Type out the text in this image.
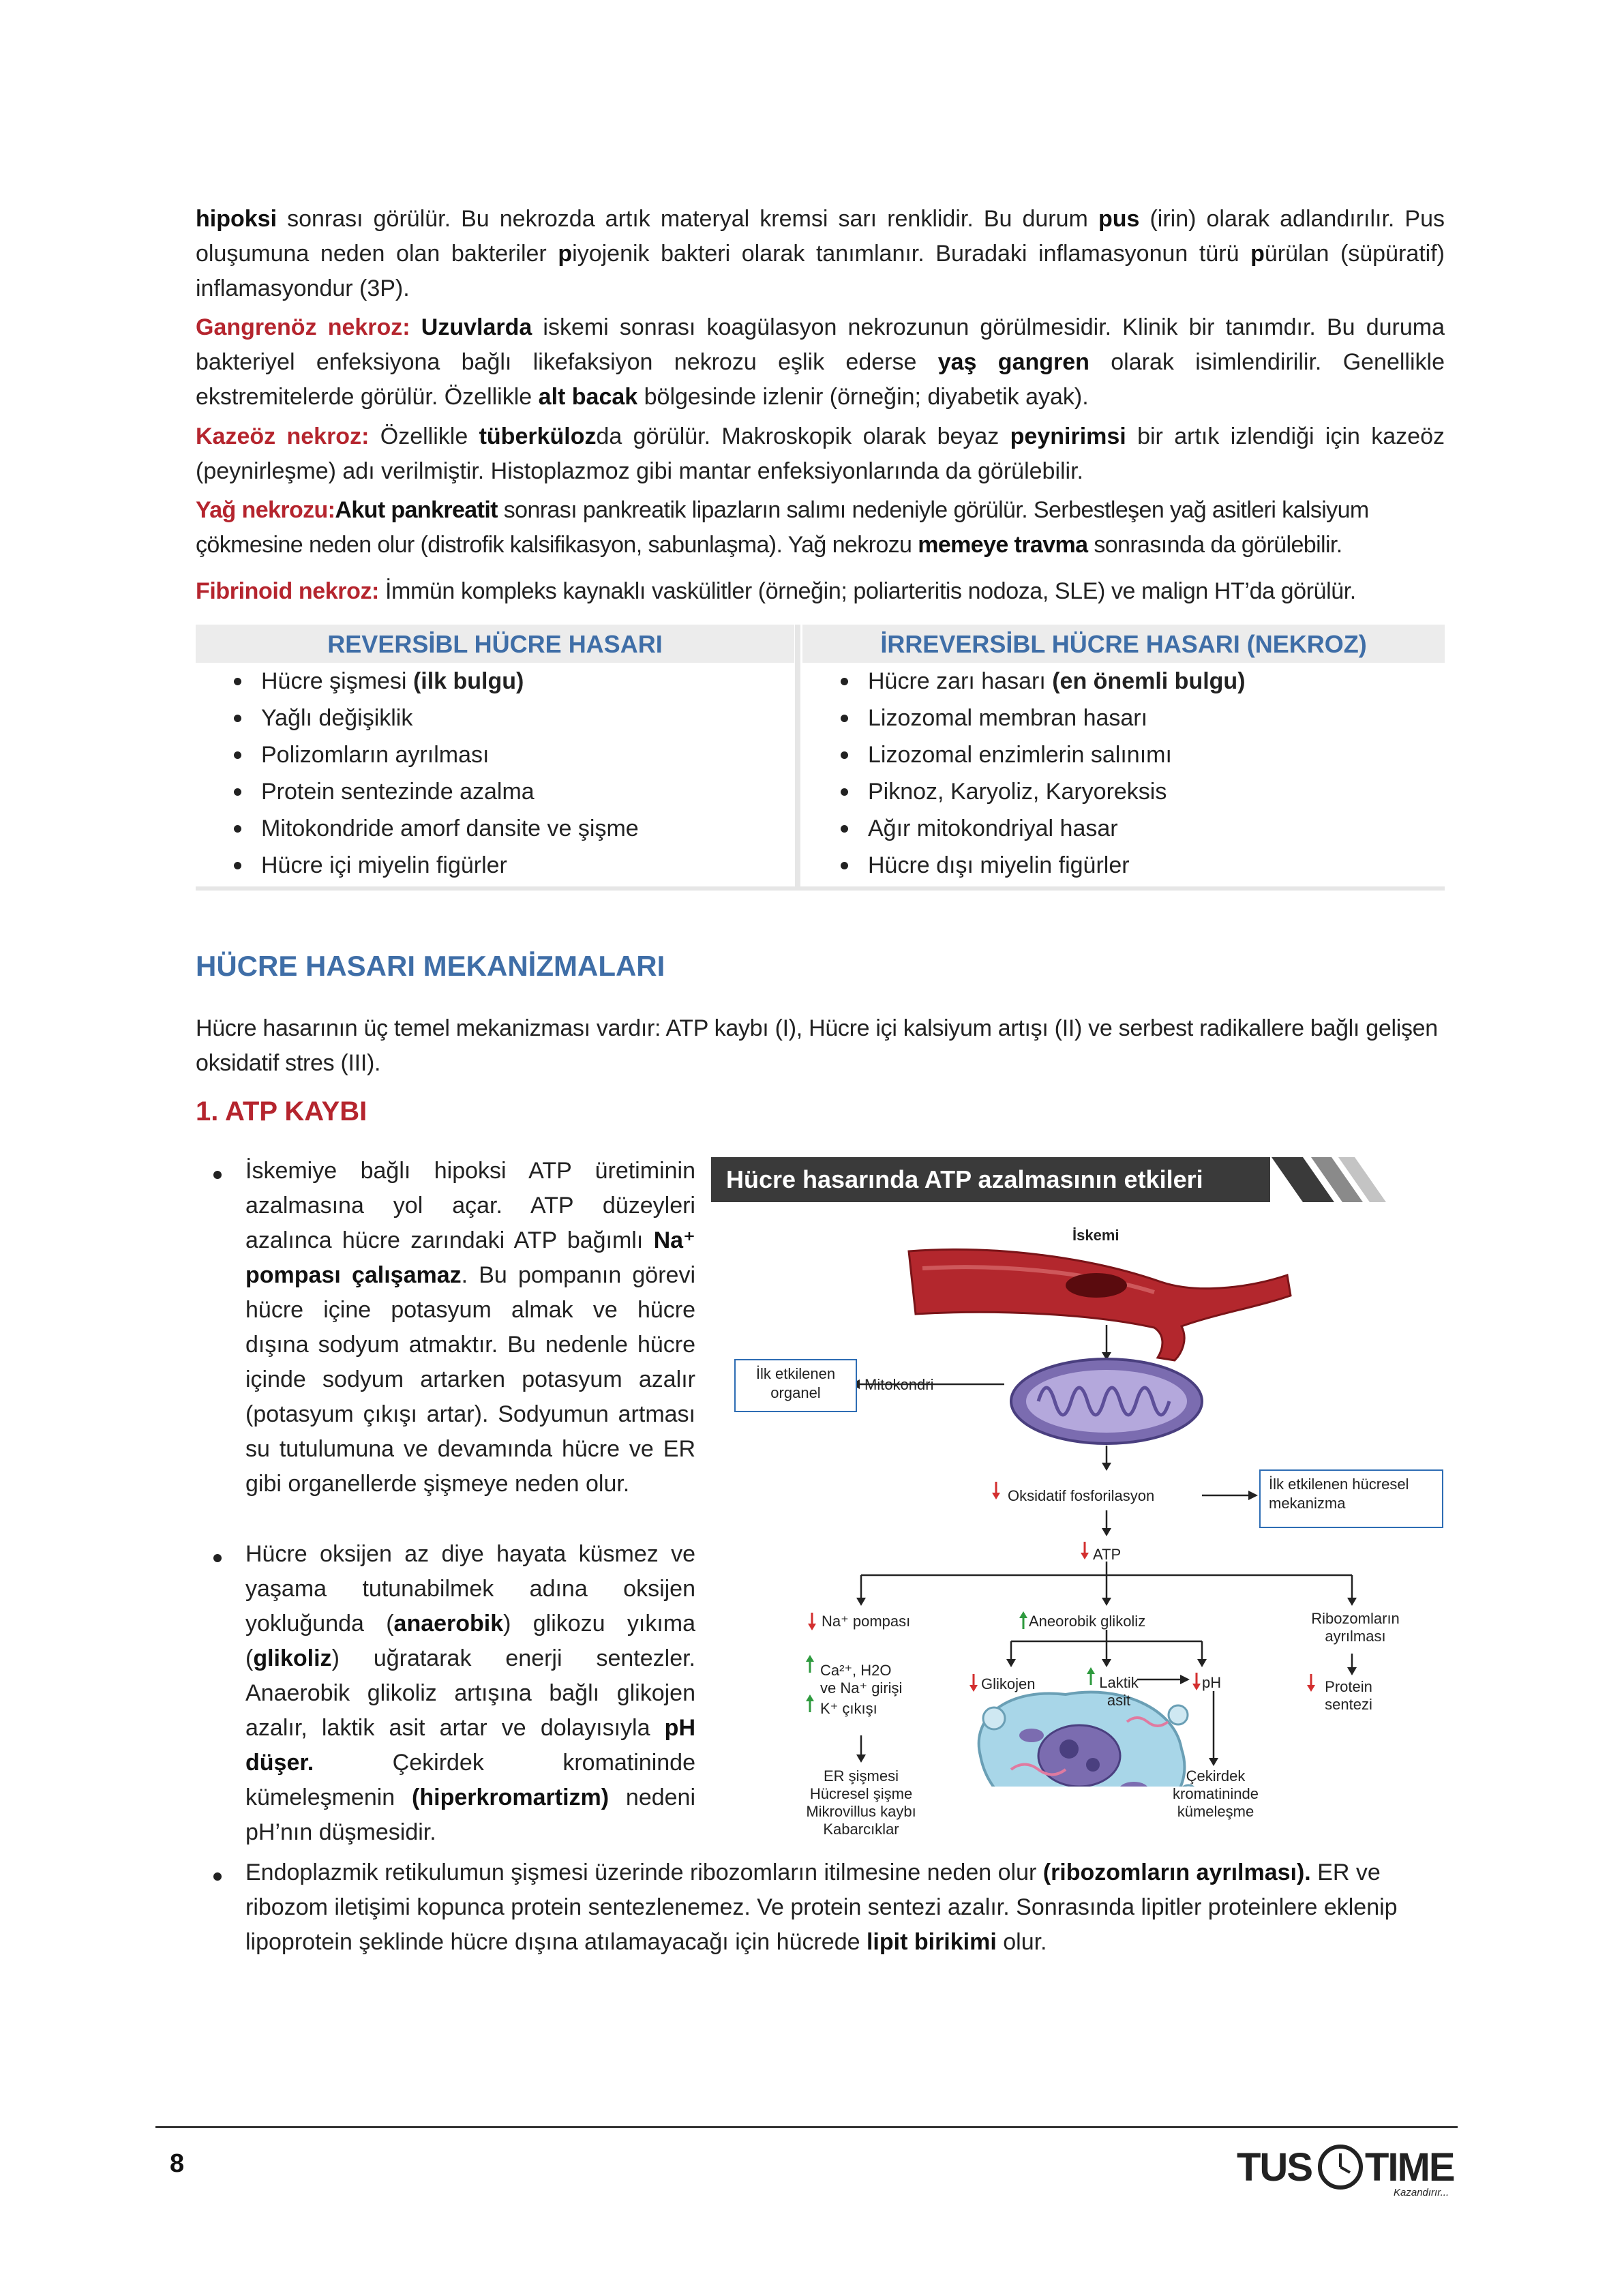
hipoksi sonrası görülür. Bu nekrozda artık materyal kremsi sarı renklidir. Bu durum pus (irin) olarak adlandırılır. Pus oluşumuna neden olan bakteriler piyojenik bakteri olarak tanımlanır. Buradaki inflamasyonun türü pürülan (süpüratif) inflamasyondur (3P).

Gangrenöz nekroz: Uzuvlarda iskemi sonrası koagülasyon nekrozunun görülmesidir. Klinik bir tanımdır. Bu duruma bakteriyel enfeksiyona bağlı likefaksiyon nekrozu eşlik ederse yaş gangren olarak isimlendirilir. Genellikle ekstremitelerde görülür. Özellikle alt bacak bölgesinde izlenir (örneğin; diyabetik ayak).

Kazeöz nekroz: Özellikle tüberkülozda görülür. Makroskopik olarak beyaz peynirimsi bir artık izlendiği için kazeöz (peynirleşme) adı verilmiştir. Histoplazmoz gibi mantar enfeksiyonlarında da görülebilir.

Yağ nekrozu:Akut pankreatit sonrası pankreatik lipazların salımı nedeniyle görülür. Serbestleşen yağ asitleri kalsiyum çökmesine neden olur (distrofik kalsifikasyon, sabunlaşma). Yağ nekrozu memeye travma sonrasında da görülebilir.

Fibrinoid nekroz: İmmün kompleks kaynaklı vaskülitler (örneğin; poliarteritis nodoza, SLE) ve malign HT’da görülür.

REVERSİBL HÜCRE HASARI
Hücre şişmesi (ilk bulgu)
Yağlı değişiklik
Polizomların ayrılması
Protein sentezinde azalma
Mitokondride amorf dansite ve şişme
Hücre içi miyelin figürler
İRREVERSİBL HÜCRE HASARI (NEKROZ)
Hücre zarı hasarı (en önemli bulgu)
Lizozomal membran hasarı
Lizozomal enzimlerin salınımı
Piknoz, Karyoliz, Karyoreksis
Ağır mitokondriyal hasar
Hücre dışı miyelin figürler
HÜCRE HASARI MEKANİZMALARI

Hücre hasarının üç temel mekanizması vardır: ATP kaybı (I), Hücre içi kalsiyum artışı (II) ve serbest radikallere bağlı gelişen oksidatif stres (III).

1. ATP KAYBI

İskemiye bağlı hipoksi ATP üretiminin azalmasına yol açar. ATP düzeyleri azalınca hücre zarındaki ATP bağımlı Na⁺ pompası çalışamaz. Bu pompanın görevi hücre içine potasyum almak ve hücre dışına sodyum atmaktır. Bu nedenle hücre içinde sodyum artarken potasyum azalır (potasyum çıkışı artar). Sodyumun artması su tutulumuna ve devamında hücre ve ER gibi organellerde şişmeye neden olur.

Hücre oksijen az diye hayata küsmez ve yaşama tutunabilmek adına oksijen yokluğunda (anaerobik) glikozu yıkıma (glikoliz) uğratarak enerji sentezler. Anaerobik glikoliz artışına bağlı glikojen azalır, laktik asit artar ve dolayısıyla pH düşer. Çekirdek kromatininde kümeleşmenin (hiperkromartizm) nedeni pH’nın düşmesidir.

Endoplazmik retikulumun şişmesi üzerinde ribozomların itilmesine neden olur (ribozomların ayrılması). ER ve ribozom iletişimi kopunca protein sentezlenemez. Ve protein sentezi azalır. Sonrasında lipitler proteinlere eklenip lipoprotein şeklinde hücre dışına atılamayacağı için hücrede lipit birikimi olur.

Hücre hasarında ATP azalmasının etkileri
İskemi
İlk etkilenen organel	Mitokondri
Oksidatif fosforilasyon
İlk etkilenen hücresel mekanizma
ATP
Na⁺ pompası	Aneorobik glikoliz	Ribozomların ayrılması
Ca²⁺, H2O ve Na⁺ girişi
K⁺ çıkışı
Glikojen	Laktik asit
pH	Protein sentezi
ER şişmesi Hücresel şişme Mikrovillus kaybı Kabarcıklar
Çekirdek kromatininde kümeleşme
8	TUS TIME
Kazandırır...
